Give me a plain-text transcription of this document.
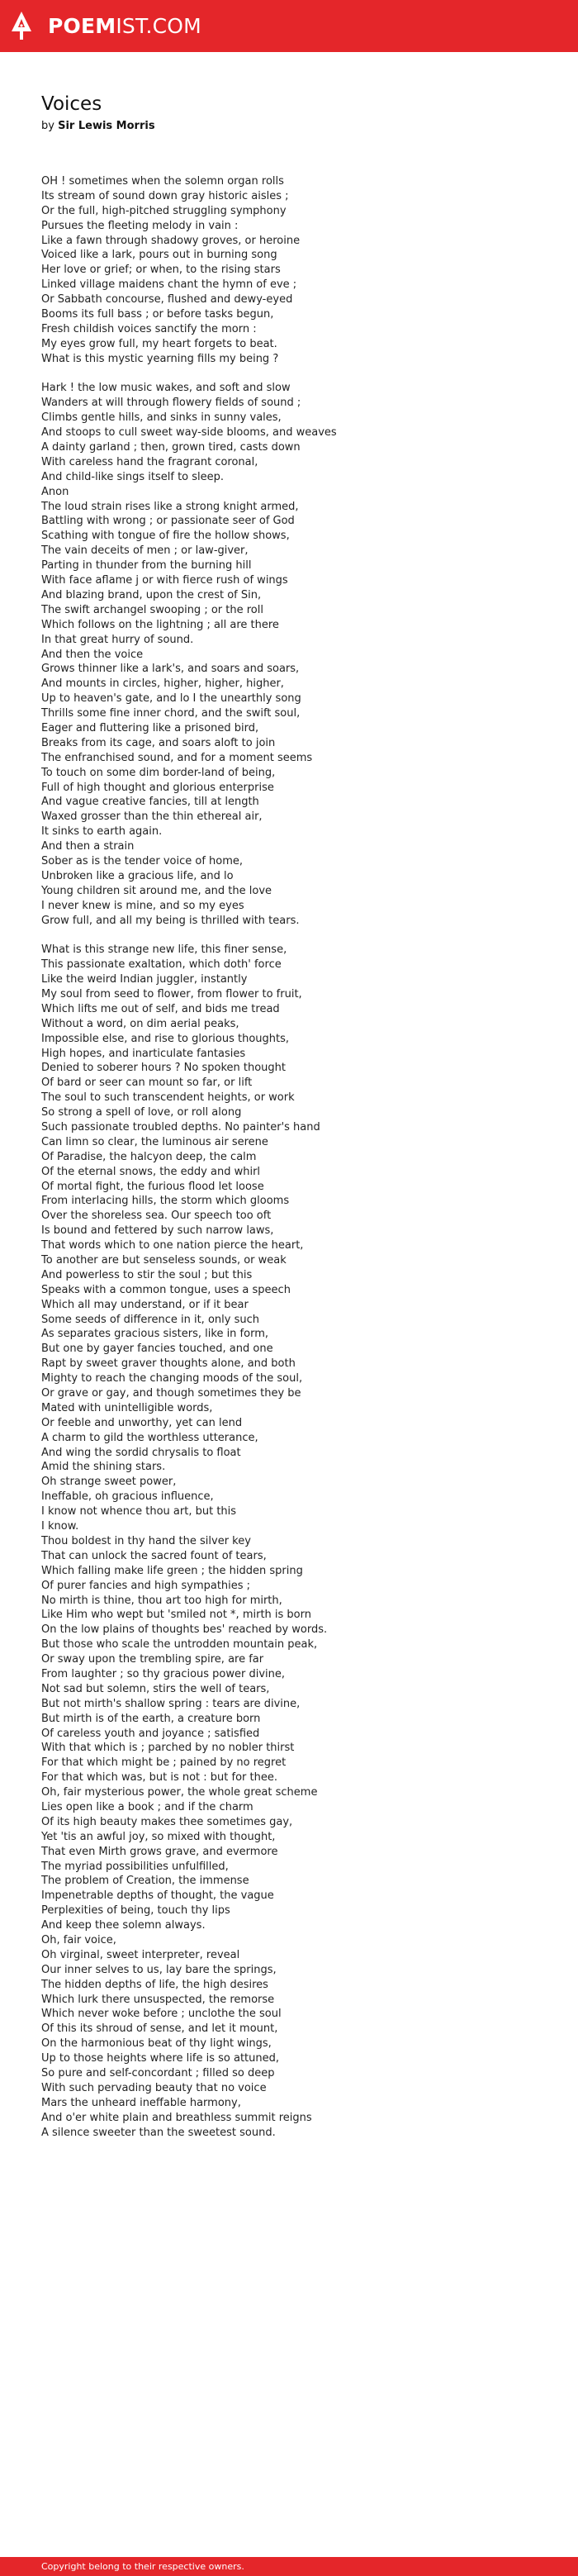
POEMIST.COM
Voices
by Sir Lewis Morris
OH ! sometimes when the solemn organ rolls
Its stream of sound down gray historic aisles ;
Or the full, high-pitched struggling symphony
Pursues the fleeting melody in vain :
Like a fawn through shadowy groves, or heroine
Voiced like a lark, pours out in burning song
Her love or grief; or when, to the rising stars
Linked village maidens chant the hymn of eve ;
Or Sabbath concourse, flushed and dewy-eyed
Booms its full bass ; or before tasks begun,
Fresh childish voices sanctify the morn :
My eyes grow full, my heart forgets to beat.
What is this mystic yearning fills my being ?
Hark ! the low music wakes, and soft and slow
Wanders at will through flowery fields of sound ;
Climbs gentle hills, and sinks in sunny vales,
And stoops to cull sweet way-side blooms, and weaves
A dainty garland ; then, grown tired, casts down
With careless hand the fragrant coronal,
And child-like sings itself to sleep.
Anon
The loud strain rises like a strong knight armed,
Battling with wrong ; or passionate seer of God
Scathing with tongue of fire the hollow shows,
The vain deceits of men ; or law-giver,
Parting in thunder from the burning hill
With face aflame j or with fierce rush of wings
And blazing brand, upon the crest of Sin,
The swift archangel swooping ; or the roll
Which follows on the lightning ; all are there
In that great hurry of sound.
And then the voice
Grows thinner like a lark's, and soars and soars,
And mounts in circles, higher, higher, higher,
Up to heaven's gate, and lo I the unearthly song
Thrills some fine inner chord, and the swift soul,
Eager and fluttering like a prisoned bird,
Breaks from its cage, and soars aloft to join
The enfranchised sound, and for a moment seems
To touch on some dim border-land of being,
Full of high thought and glorious enterprise
And vague creative fancies, till at length
Waxed grosser than the thin ethereal air,
It sinks to earth again.
And then a strain
Sober as is the tender voice of home,
Unbroken like a gracious life, and lo
Young children sit around me, and the love
I never knew is mine, and so my eyes
Grow full, and all my being is thrilled with tears.
What is this strange new life, this finer sense,
This passionate exaltation, which doth' force
Like the weird Indian juggler, instantly
My soul from seed to flower, from flower to fruit,
Which lifts me out of self, and bids me tread
Without a word, on dim aerial peaks,
Impossible else, and rise to glorious thoughts,
High hopes, and inarticulate fantasies
Denied to soberer hours ? No spoken thought
Of bard or seer can mount so far, or lift
The soul to such transcendent heights, or work
So strong a spell of love, or roll along
Such passionate troubled depths. No painter's hand
Can limn so clear, the luminous air serene
Of Paradise, the halcyon deep, the calm
Of the eternal snows, the eddy and whirl
Of mortal fight, the furious flood let loose
From interlacing hills, the storm which glooms
Over the shoreless sea. Our speech too oft
Is bound and fettered by such narrow laws,
That words which to one nation pierce the heart,
To another are but senseless sounds, or weak
And powerless to stir the soul ; but this
Speaks with a common tongue, uses a speech
Which all may understand, or if it bear
Some seeds of difference in it, only such
As separates gracious sisters, like in form,
But one by gayer fancies touched, and one
Rapt by sweet graver thoughts alone, and both
Mighty to reach the changing moods of the soul,
Or grave or gay, and though sometimes they be
Mated with unintelligible words,
Or feeble and unworthy, yet can lend
A charm to gild the worthless utterance,
And wing the sordid chrysalis to float
Amid the shining stars.
Oh strange sweet power,
Ineffable, oh gracious influence,
I know not whence thou art, but this
I know.
Thou boldest in thy hand the silver key
That can unlock the sacred fount of tears,
Which falling make life green ; the hidden spring
Of purer fancies and high sympathies ;
No mirth is thine, thou art too high for mirth,
Like Him who wept but 'smiled not *, mirth is born
On the low plains of thoughts bes' reached by words.
But those who scale the untrodden mountain peak,
Or sway upon the trembling spire, are far
From laughter ; so thy gracious power divine,
Not sad but solemn, stirs the well of tears,
But not mirth's shallow spring : tears are divine,
But mirth is of the earth, a creature born
Of careless youth and joyance ; satisfied
With that which is ; parched by no nobler thirst
For that which might be ; pained by no regret
For that which was, but is not : but for thee.
Oh, fair mysterious power, the whole great scheme
Lies open like a book ; and if the charm
Of its high beauty makes thee sometimes gay,
Yet 'tis an awful joy, so mixed with thought,
That even Mirth grows grave, and evermore
The myriad possibilities unfulfilled,
The problem of Creation, the immense
Impenetrable depths of thought, the vague
Perplexities of being, touch thy lips
And keep thee solemn always.
Oh, fair voice,
Oh virginal, sweet interpreter, reveal
Our inner selves to us, lay bare the springs,
The hidden depths of life, the high desires
Which lurk there unsuspected, the remorse
Which never woke before ; unclothe the soul
Of this its shroud of sense, and let it mount,
On the harmonious beat of thy light wings,
Up to those heights where life is so attuned,
So pure and self-concordant ; filled so deep
With such pervading beauty that no voice
Mars the unheard ineffable harmony,
And o'er white plain and breathless summit reigns
A silence sweeter than the sweetest sound.
Copyright belong to their respective owners.
